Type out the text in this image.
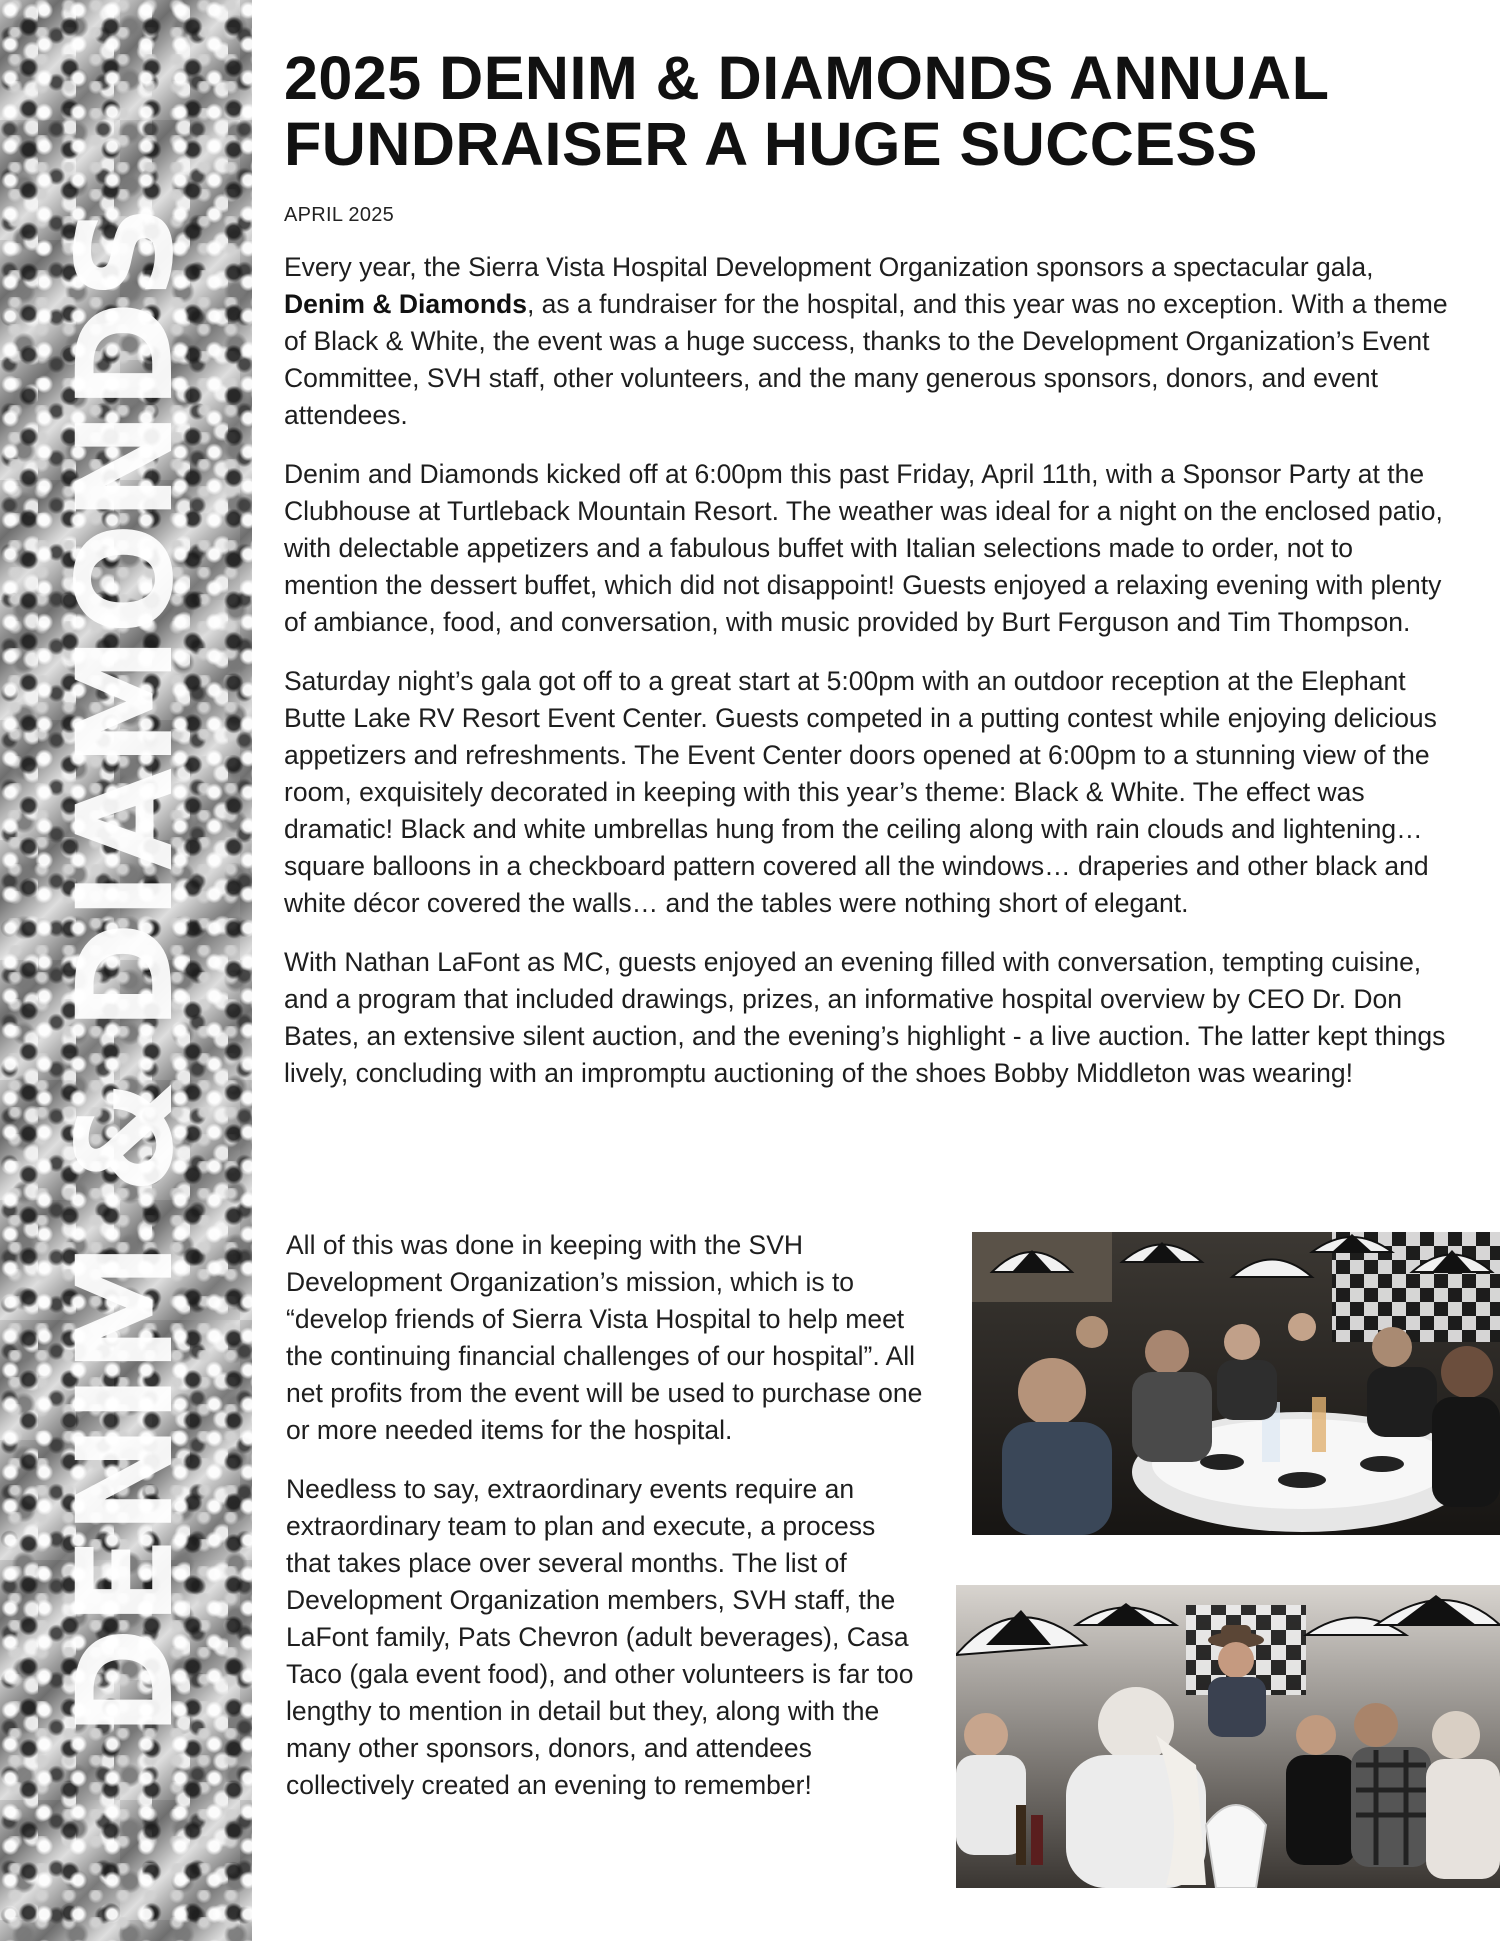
DENIM & DIAMONDS
2025 DENIM & DIAMONDS ANNUAL
FUNDRAISER A HUGE SUCCESS

APRIL 2025

Every year, the Sierra Vista Hospital Development Organization sponsors a spectacular gala, Denim & Diamonds, as a fundraiser for the hospital, and this year was no exception. With a theme of Black & White, the event was a huge success, thanks to the Development Organization’s Event Committee, SVH staff, other volunteers, and the many generous sponsors, donors, and event attendees.

Denim and Diamonds kicked off at 6:00pm this past Friday, April 11th, with a Sponsor Party at the Clubhouse at Turtleback Mountain Resort. The weather was ideal for a night on the enclosed patio, with delectable appetizers and a fabulous buffet with Italian selections made to order, not to mention the dessert buffet, which did not disappoint! Guests enjoyed a relaxing evening with plenty of ambiance, food, and conversation, with music provided by Burt Ferguson and Tim Thompson.

Saturday night’s gala got off to a great start at 5:00pm with an outdoor reception at the Elephant Butte Lake RV Resort Event Center. Guests competed in a putting contest while enjoying delicious appetizers and refreshments. The Event Center doors opened at 6:00pm to a stunning view of the room, exquisitely decorated in keeping with this year’s theme: Black & White. The effect was dramatic! Black and white umbrellas hung from the ceiling along with rain clouds and lightening… square balloons in a checkboard pattern covered all the windows… draperies and other black and white décor covered the walls… and the tables were nothing short of elegant.

With Nathan LaFont as MC, guests enjoyed an evening filled with conversation, tempting cuisine, and a program that included drawings, prizes, an informative hospital overview by CEO Dr. Don Bates, an extensive silent auction, and the evening’s highlight - a live auction. The latter kept things lively, concluding with an impromptu auctioning of the shoes Bobby Middleton was wearing!

All of this was done in keeping with the SVH Development Organization’s mission, which is to “develop friends of Sierra Vista Hospital to help meet the continuing financial challenges of our hospital”. All net profits from the event will be used to purchase one or more needed items for the hospital.

Needless to say, extraordinary events require an extraordinary team to plan and execute, a process that takes place over several months. The list of Development Organization members, SVH staff, the LaFont family, Pats Chevron (adult beverages), Casa Taco (gala event food), and other volunteers is far too lengthy to mention in detail but they, along with the many other sponsors, donors, and attendees collectively created an evening to remember!
